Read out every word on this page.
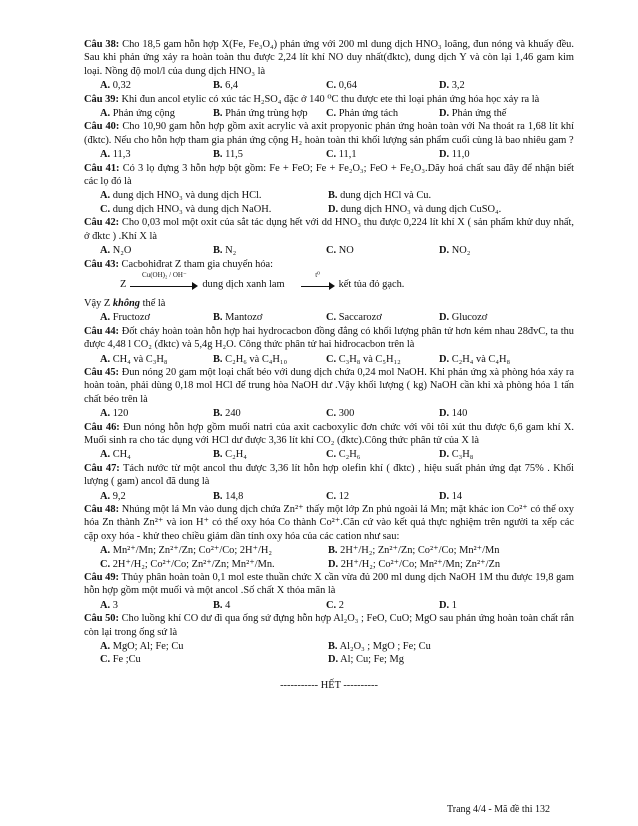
Câu 38: Cho 18,5 gam hỗn hợp X(Fe, Fe₃O₄) phản ứng với 200 ml dung dịch HNO₃ loãng, đun nóng và khuấy đều. Sau khi phản ứng xảy ra hoàn toàn thu được 2,24 lít khí NO duy nhất(đktc), dung dịch Y và còn lại 1,46 gam kim loại. Nồng độ mol/l của dung dịch HNO₃ là
A. 0,32	B. 6,4	C. 0,64	D. 3,2
Câu 39: Khi đun ancol etylic có xúc tác H₂SO₄ đặc ở 140 ⁰C thu được ete thì loại phản ứng hóa học xảy ra là
A. Phản ứng cộng	B. Phản ứng trùng hợp	C. Phản ứng tách	D. Phản ứng thế
Câu 40: Cho 10,90 gam hỗn hợp gồm axit acrylic và axit propyonic phản ứng hoàn toàn với Na thoát ra 1,68 lít khí (đktc). Nếu cho hỗn hợp tham gia phản ứng cộng H₂ hoàn toàn thì khối lượng sản phẩm cuối cùng là bao nhiêu gam ?
A. 11,3	B. 11,5	C. 11,1	D. 11,0
Câu 41: Có 3 lọ đựng 3 hỗn hợp bột gồm: Fe + FeO; Fe + Fe₂O₃; FeO + Fe₂O₃.Dãy hoá chất sau đây để nhận biết các lọ đó là
A. dung dịch HNO₃ và dung dịch HCl.	B. dung dịch HCl và Cu.
C. dung dịch HNO₃ và dung dịch NaOH.	D. dung dịch HNO₃ và dung dịch CuSO₄.
Câu 42: Cho 0,03 mol một oxit của sắt tác dụng hết với dd HNO₃ thu được 0,224 lít khí X ( sản phẩm khử duy nhất, ở đktc ) .Khí X là
A. N₂O	B. N₂	C. NO	D. NO₂
Câu 43: Cacbohiđrat Z tham gia chuyển hóa:
Z
Cu(OH)₂ / OH⁻
dung dịch xanh lam
t⁰
kết tủa đỏ gạch.
Vậy Z không thể là
A. Fructozơ	B. Mantozơ	C. Saccarozơ	D. Glucozơ
Câu 44: Đốt cháy hoàn toàn hỗn hợp hai hydrocacbon đồng đẳng có khối lượng phân tử hơn kém nhau 28đvC, ta thu được 4,48 l CO₂ (đktc) và 5,4g H₂O. Công thức phân tử hai hiđrocacbon trên là
A. CH₄ và C₃H₈	B. C₂H₆ và C₄H₁₀	C. C₃H₈ và C₅H₁₂	D. C₂H₄ và C₄H₈
Câu 45: Đun nóng 20 gam một loại chất béo với dung dịch chứa 0,24 mol NaOH. Khi phản ứng xà phòng hóa xảy ra hoàn toàn, phải dùng 0,18 mol HCl để trung hòa NaOH dư .Vậy khối lượng ( kg) NaOH cần khi xà phòng hóa 1 tấn chất béo trên là
A. 120	B. 240	C. 300	D. 140
Câu 46: Đun nóng hỗn hợp gồm muối natri của axit cacboxylic đơn chức với vôi tôi xút thu được 6,6 gam khí X. Muối sinh ra cho tác dụng với HCl dư được 3,36 lít khí CO₂ (đktc).Công thức phân tử của X là
A. CH₄	B. C₂H₄	C. C₂H₆	D. C₃H₈
Câu 47: Tách nước từ một ancol thu được 3,36 lít hỗn hợp olefin khí ( đktc) , hiệu suất phản ứng đạt 75% . Khối lượng ( gam) ancol đã dung là
A. 9,2	B. 14,8	C. 12	D. 14
Câu 48: Nhúng một lá Mn vào dung dịch chứa Zn²⁺ thấy một lớp Zn phủ ngoài lá Mn; mặt khác ion Co²⁺ có thể oxy hóa Zn thành Zn²⁺ và ion H⁺ có thể oxy hóa Co thành Co²⁺.Căn cứ vào kết quả thực nghiệm trên người ta xếp các cặp oxy hóa - khử theo chiều giảm dần tính oxy hóa của các cation như sau:
A. Mn²⁺/Mn; Zn²⁺/Zn; Co²⁺/Co; 2H⁺/H₂	B. 2H⁺/H₂; Zn²⁺/Zn; Co²⁺/Co; Mn²⁺/Mn
C. 2H⁺/H₂; Co²⁺/Co; Zn²⁺/Zn; Mn²⁺/Mn.	D. 2H⁺/H₂; Co²⁺/Co; Mn²⁺/Mn; Zn²⁺/Zn
Câu 49: Thủy phân hoàn toàn 0,1 mol este thuần chức X cần vừa đủ 200 ml dung dịch NaOH 1M thu được 19,8 gam hỗn hợp gồm một muối và một ancol .Số chất X thỏa mãn là
A. 3	B. 4	C. 2	D. 1
Câu 50: Cho luồng khí CO dư đi qua ống sứ đựng hỗn hợp Al₂O₃ ; FeO, CuO; MgO sau phản ứng hoàn toàn chất rắn còn lại trong ống sứ là
A. MgO; Al; Fe; Cu	B. Al₂O₃ ; MgO ; Fe; Cu
C. Fe ;Cu	D. Al; Cu; Fe; Mg
----------- HẾT ----------
Trang 4/4 - Mã đề thi 132
